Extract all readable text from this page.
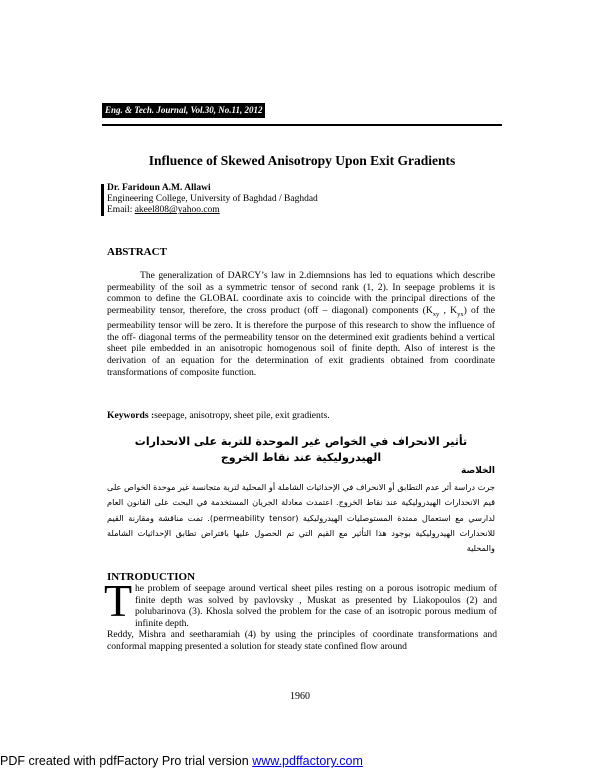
Eng. & Tech. Journal, Vol.30, No.11, 2012
Influence of Skewed Anisotropy Upon Exit Gradients
Dr. Faridoun A.M. Allawi
Engineering College, University of Baghdad / Baghdad
Email: akeel808@yahoo.com
ABSTRACT

The generalization of DARCY’s law in 2.diemnsions has led to equations which describe permeability of the soil as a symmetric tensor of second rank (1, 2). In seepage problems it is common to define the GLOBAL coordinate axis to coincide with the principal directions of the permeability tensor, therefore, the cross product (off – diagonal) components ($K_{xy}$ , $K_{yx}$) of the permeability tensor will be zero. It is therefore the purpose of this research to show the influence of the off- diagonal terms of the permeability tensor on the determined exit gradients behind a vertical sheet pile embedded in an anisotropic homogenous soil of finite depth. Also of interest is the derivation of an equation for the determination of exit gradients obtained from coordinate transformations of composite function.

Keywords :seepage, anisotropy, sheet pile, exit gradients.
تأثير الانحراف في الخواص غير الموحدة للتربة على الانحدارات الهيدروليكية عند نقاط الخروج
الخلاصة

جرت دراسة أثر عدم التطابق أو الانحراف في الإحداثيات الشاملة أو المحلية لتربة متجانسة غير موحدة الخواص على قيم الانحدارات الهيدروليكية عند نقاط الخروج. اعتمدت معادلة الجريان المستخدمة في البحث على القانون العام لدارسي مع استعمال ممتدة المستوصليات الهيدروليكية (permeability tensor). تمت مناقشة ومقارنة القيم للانحدارات الهيدروليكية بوجود هذا التأثير مع القيم التي تم الحصول عليها بافتراض تطابق الإحداثيات الشاملة والمحلية

INTRODUCTION
T he problem of seepage around vertical sheet piles resting on a porous isotropic medium of finite depth was solved by pavlovsky , Muskat as presented by Liakopoulos (2) and polubarinova (3). Khosla solved the problem for the case of an isotropic porous medium of infinite depth.

Reddy, Mishra and seetharamiah (4) by using the principles of coordinate transformations and conformal mapping presented a solution for steady state confined flow around

1960
PDF created with pdfFactory Pro trial version www.pdffactory.com
